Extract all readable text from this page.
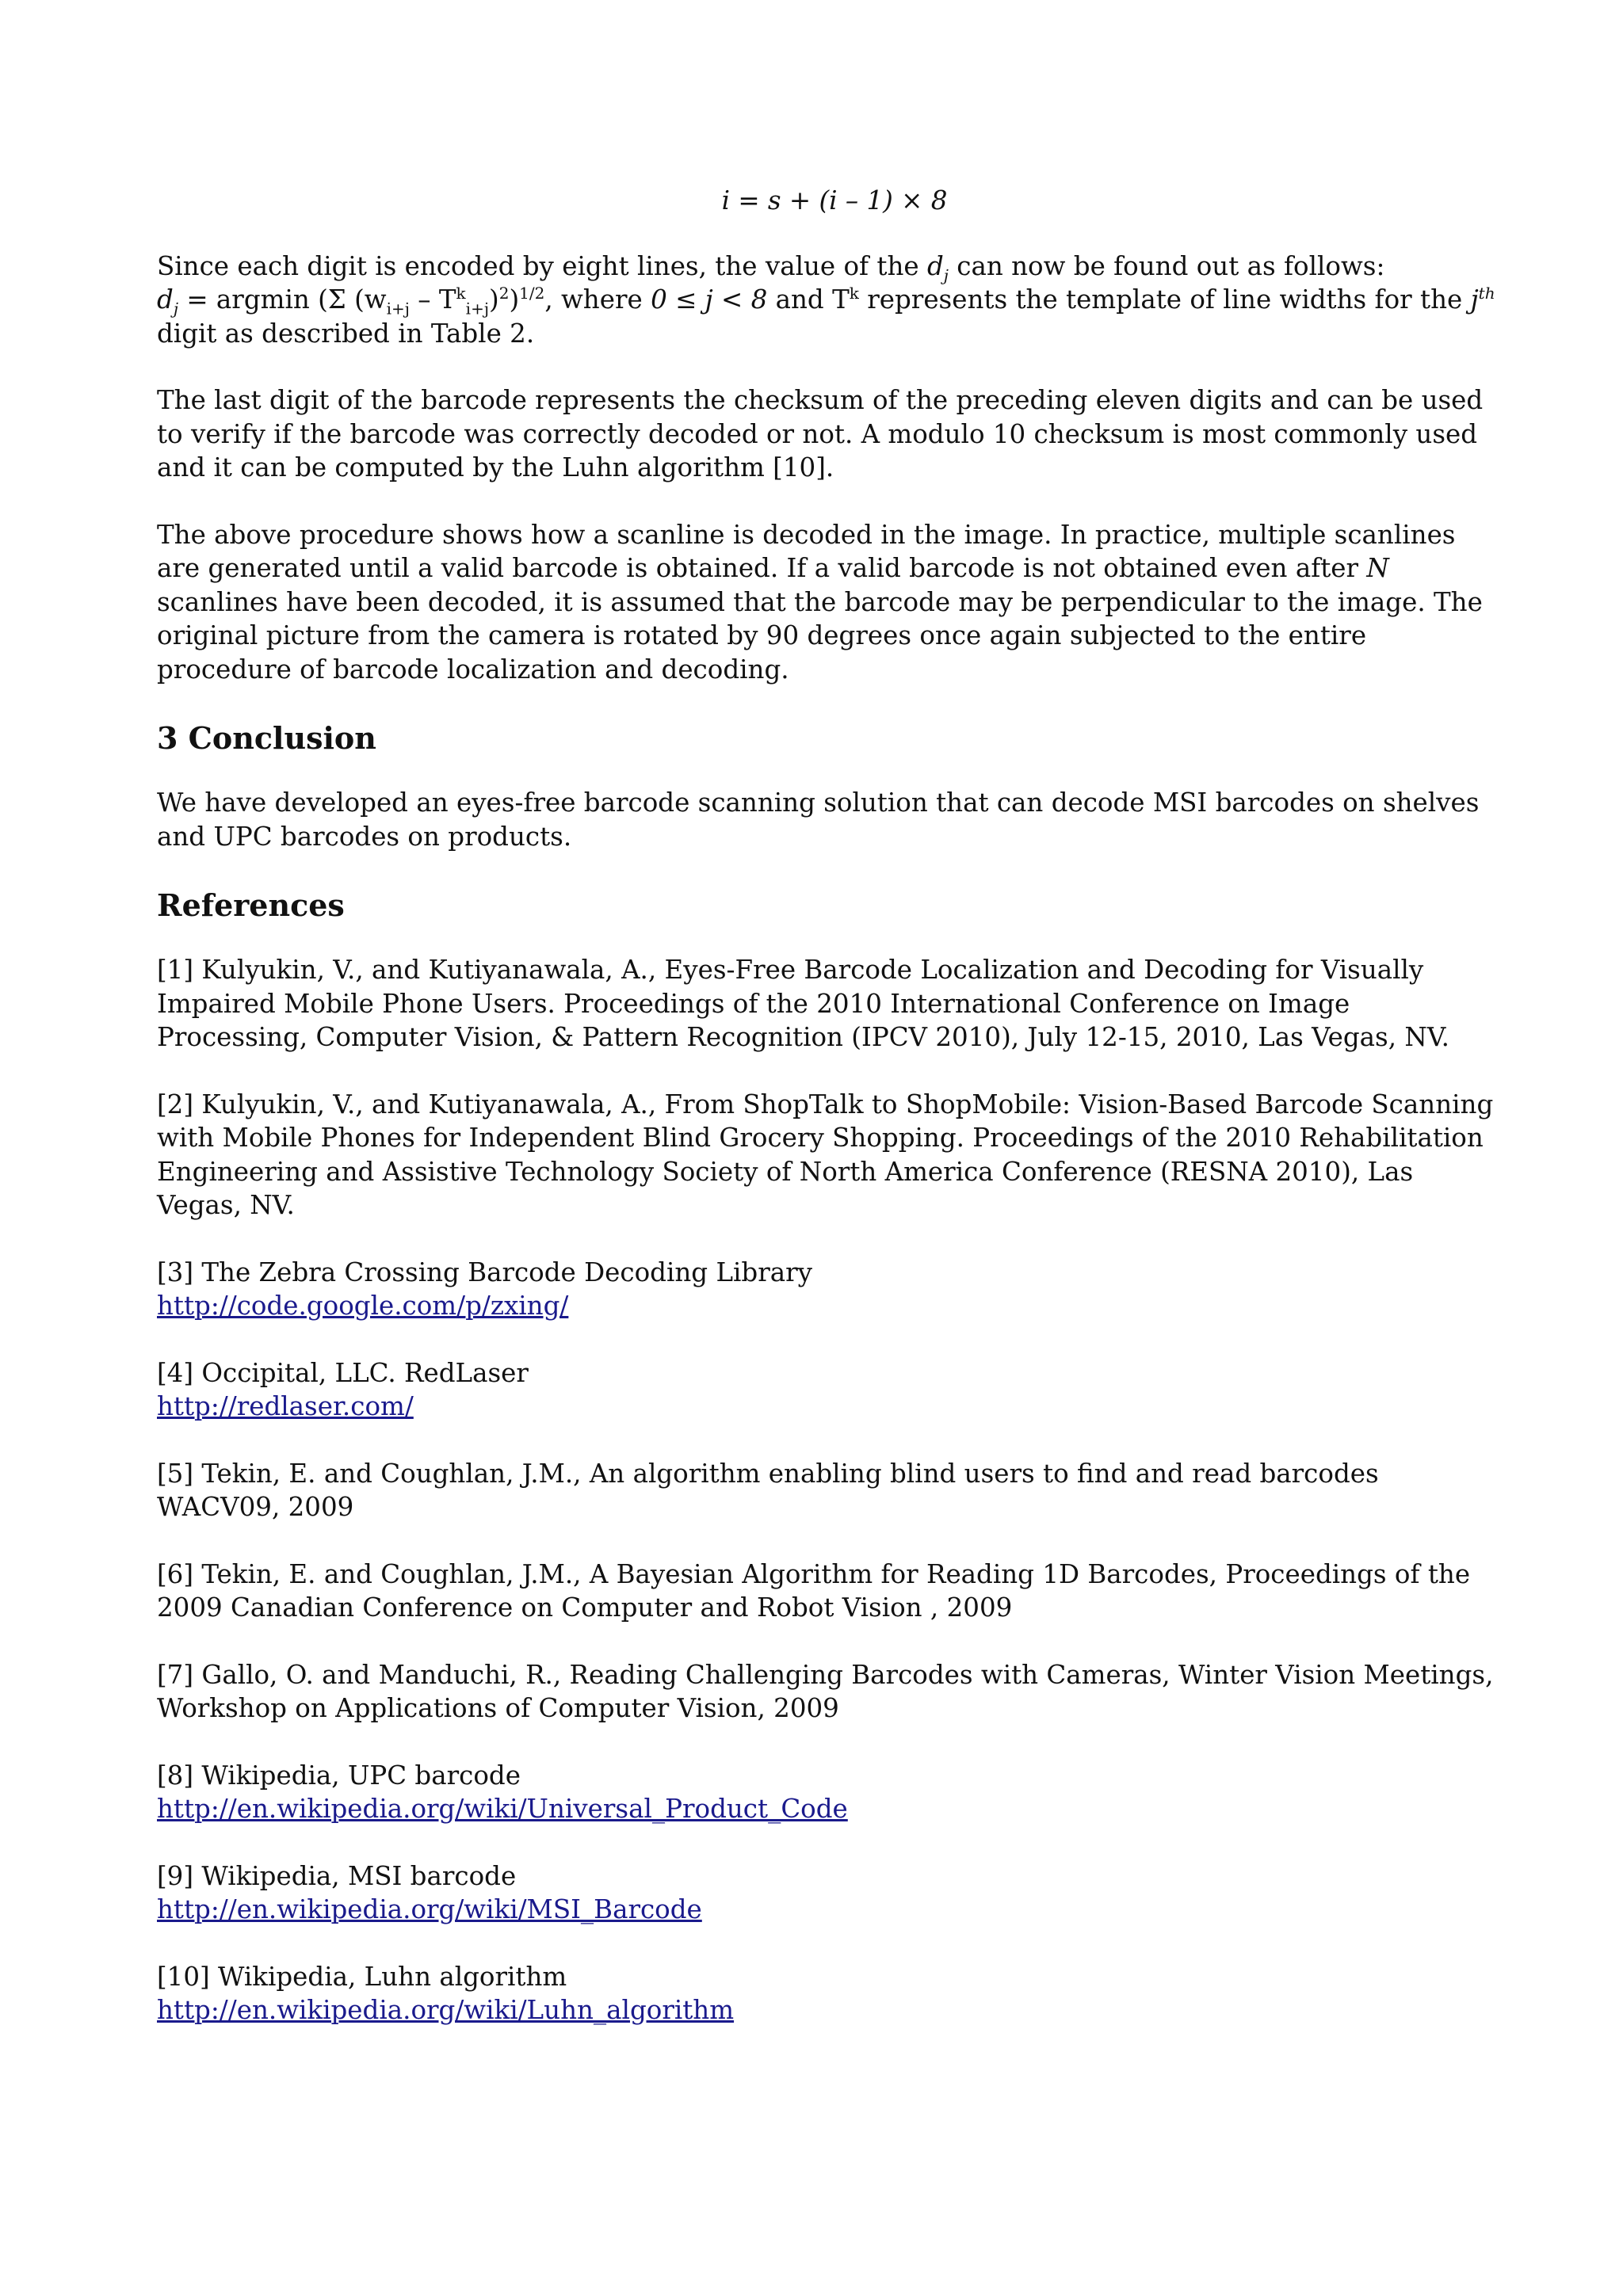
i = s + (i – 1) × 8

Since each digit is encoded by eight lines, the value of the $d_j$ can now be found out as follows:
$d_j = argmin$ (Σ $(w_{i+j} - T^k_{i+j})^2)^{1/2}$, where 0 ≤ j < 8 and $T^k$ represents the template of line widths for the $j^{th}$ digit as described in Table 2.

The last digit of the barcode represents the checksum of the preceding eleven digits and can be used to verify if the barcode was correctly decoded or not. A modulo 10 checksum is most commonly used and it can be computed by the Luhn algorithm [10].

The above procedure shows how a scanline is decoded in the image. In practice, multiple scanlines are generated until a valid barcode is obtained. If a valid barcode is not obtained even after N scanlines have been decoded, it is assumed that the barcode may be perpendicular to the image. The original picture from the camera is rotated by 90 degrees once again subjected to the entire procedure of barcode localization and decoding.

3 Conclusion

We have developed an eyes-free barcode scanning solution that can decode MSI barcodes on shelves and UPC barcodes on products.

References
[1] Kulyukin, V., and Kutiyanawala, A., Eyes-Free Barcode Localization and Decoding for Visually Impaired Mobile Phone Users. Proceedings of the 2010 International Conference on Image Processing, Computer Vision, & Pattern Recognition (IPCV 2010), July 12-15, 2010, Las Vegas, NV.
[2] Kulyukin, V., and Kutiyanawala, A., From ShopTalk to ShopMobile: Vision-Based Barcode Scanning with Mobile Phones for Independent Blind Grocery Shopping. Proceedings of the 2010 Rehabilitation Engineering and Assistive Technology Society of North America Conference (RESNA 2010), Las Vegas, NV.
[3] The Zebra Crossing Barcode Decoding Library
http://code.google.com/p/zxing/
[4] Occipital, LLC. RedLaser
http://redlaser.com/
[5] Tekin, E. and Coughlan, J.M., An algorithm enabling blind users to find and read barcodes WACV09, 2009
[6] Tekin, E. and Coughlan, J.M., A Bayesian Algorithm for Reading 1D Barcodes, Proceedings of the 2009 Canadian Conference on Computer and Robot Vision , 2009
[7] Gallo, O. and Manduchi, R., Reading Challenging Barcodes with Cameras, Winter Vision Meetings, Workshop on Applications of Computer Vision, 2009
[8] Wikipedia, UPC barcode
http://en.wikipedia.org/wiki/Universal_Product_Code
[9] Wikipedia, MSI barcode
http://en.wikipedia.org/wiki/MSI_Barcode
[10] Wikipedia, Luhn algorithm
http://en.wikipedia.org/wiki/Luhn_algorithm
